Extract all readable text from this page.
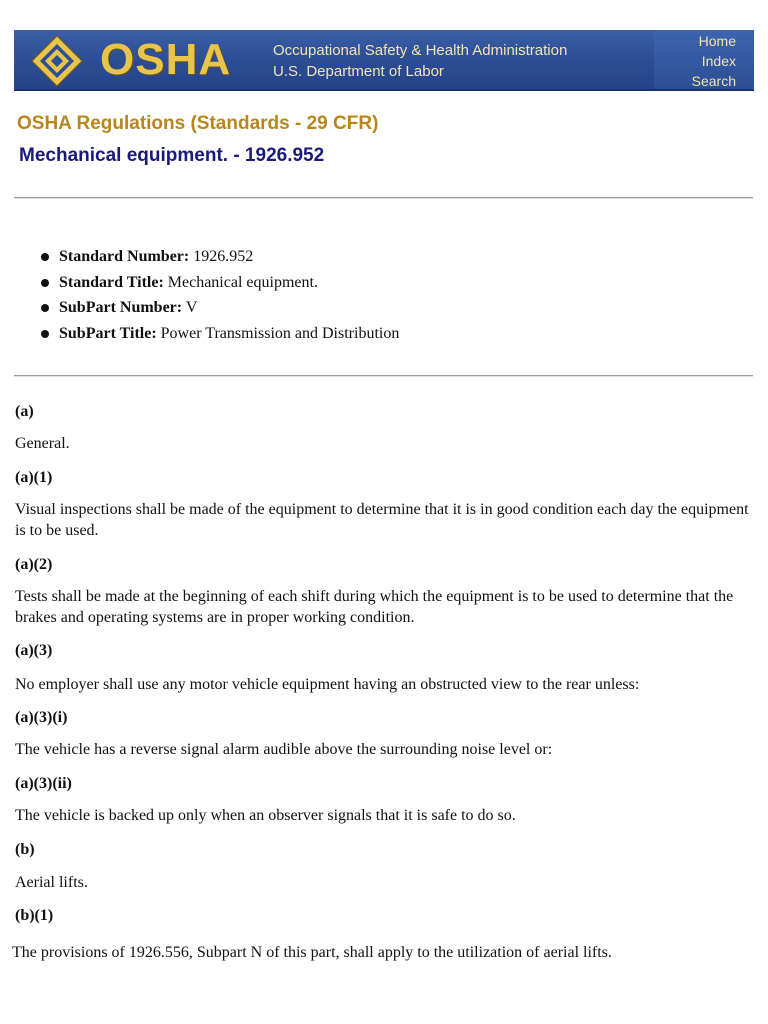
OSHA	Occupational Safety & Health Administration
U.S. Department of Labor
Home
Index
Search
OSHA Regulations (Standards - 29 CFR)
Mechanical equipment. - 1926.952
Standard Number: 1926.952
Standard Title: Mechanical equipment.
SubPart Number: V
SubPart Title: Power Transmission and Distribution

(a)

General.

(a)(1)

Visual inspections shall be made of the equipment to determine that it is in good condition each day the equipment is to be used.

(a)(2)

Tests shall be made at the beginning of each shift during which the equipment is to be used to determine that the brakes and operating systems are in proper working condition.

(a)(3)

No employer shall use any motor vehicle equipment having an obstructed view to the rear unless:

(a)(3)(i)

The vehicle has a reverse signal alarm audible above the surrounding noise level or:

(a)(3)(ii)

The vehicle is backed up only when an observer signals that it is safe to do so.

(b)

Aerial lifts.

(b)(1)

The provisions of 1926.556, Subpart N of this part, shall apply to the utilization of aerial lifts.
